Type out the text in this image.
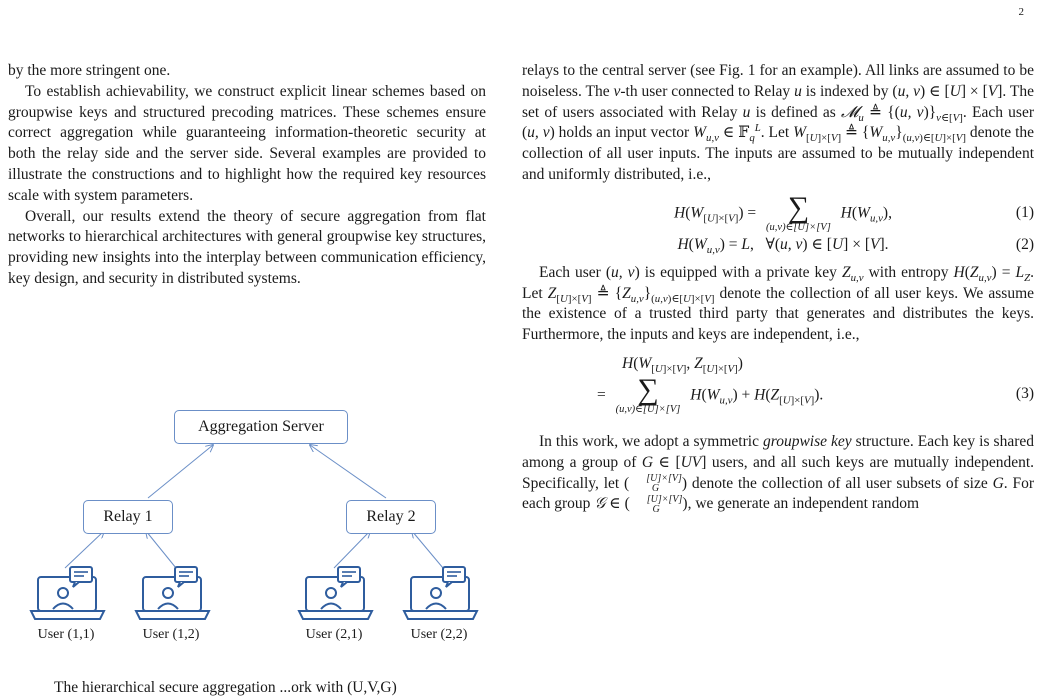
2

by the more stringent one.

To establish achievability, we construct explicit linear schemes based on groupwise keys and structured precoding matrices. These schemes ensure correct aggregation while guaranteeing information-theoretic security at both the relay side and the server side. Several examples are provided to illustrate the constructions and to highlight how the required key resources scale with system parameters.

Overall, our results extend the theory of secure aggregation from flat networks to hierarchical architectures with general groupwise key structures, providing new insights into the interplay between communication efficiency, key design, and security in distributed systems.

Aggregation Server
Relay 1	Relay 2
User (1,1)	User (1,2)	User (2,1)	User (2,2)
The hierarchical secure aggregation ...ork with (U,V,G)

relays to the central server (see Fig. 1 for an example). All links are assumed to be noiseless. The v-th user connected to Relay u is indexed by (u, v) ∈ [U] × [V]. The set of users associated with Relay u is defined as 𝓜$_u$ ≜ {(u, $v)\}_{v\in[V]}$. Each user (u, v) holds an input vector $W_{u,v}$ ∈ 𝔽$_q^L$. Let $W_{[U]\times[V]}$ ≜ $\{W_{u,v}\}_{(u,v)\in[U]\times[V]}$ denote the collection of all user inputs. The inputs are assumed to be mutually independent and uniformly distributed, i.e.,

$H(W_{[U]\times[V]})$ = ∑
(u,v)∈[U]×[V]
$H(W_{u,v})$,	(1)
$H(W_{u,v}) = L$,   ∀(u, v) ∈ [U] × [V].	(2)

Each user (u, v) is equipped with a private key $Z_{u,v}$ with entropy $H(Z_{u,v}) = L_Z$. Let $Z_{[U]\times[V]}$ ≜ $\{Z_{u,v}\}_{(u,v)\in[U]\times[V]}$ denote the collection of all user keys. We assume the existence of a trusted third party that generates and distributes the keys. Furthermore, the inputs and keys are independent, i.e.,

$H(W_{[U]\times[V]}$, $Z_{[U]\times[V]}$)
= ∑
(u,v)∈[U]×[V]
$H(W_{u,v}) + H(Z_{[U]\times[V]})$.	(3)

In this work, we adopt a symmetric groupwise key structure. Each key is shared among a group of G ∈ [UV] users, and all such keys are mutually independent. Specifically, let ( [U]×[V]
G ) denote the collection of all user subsets of size G. For each group 𝒢 ∈ ( [U]×[V]
G ), we generate an independent random
